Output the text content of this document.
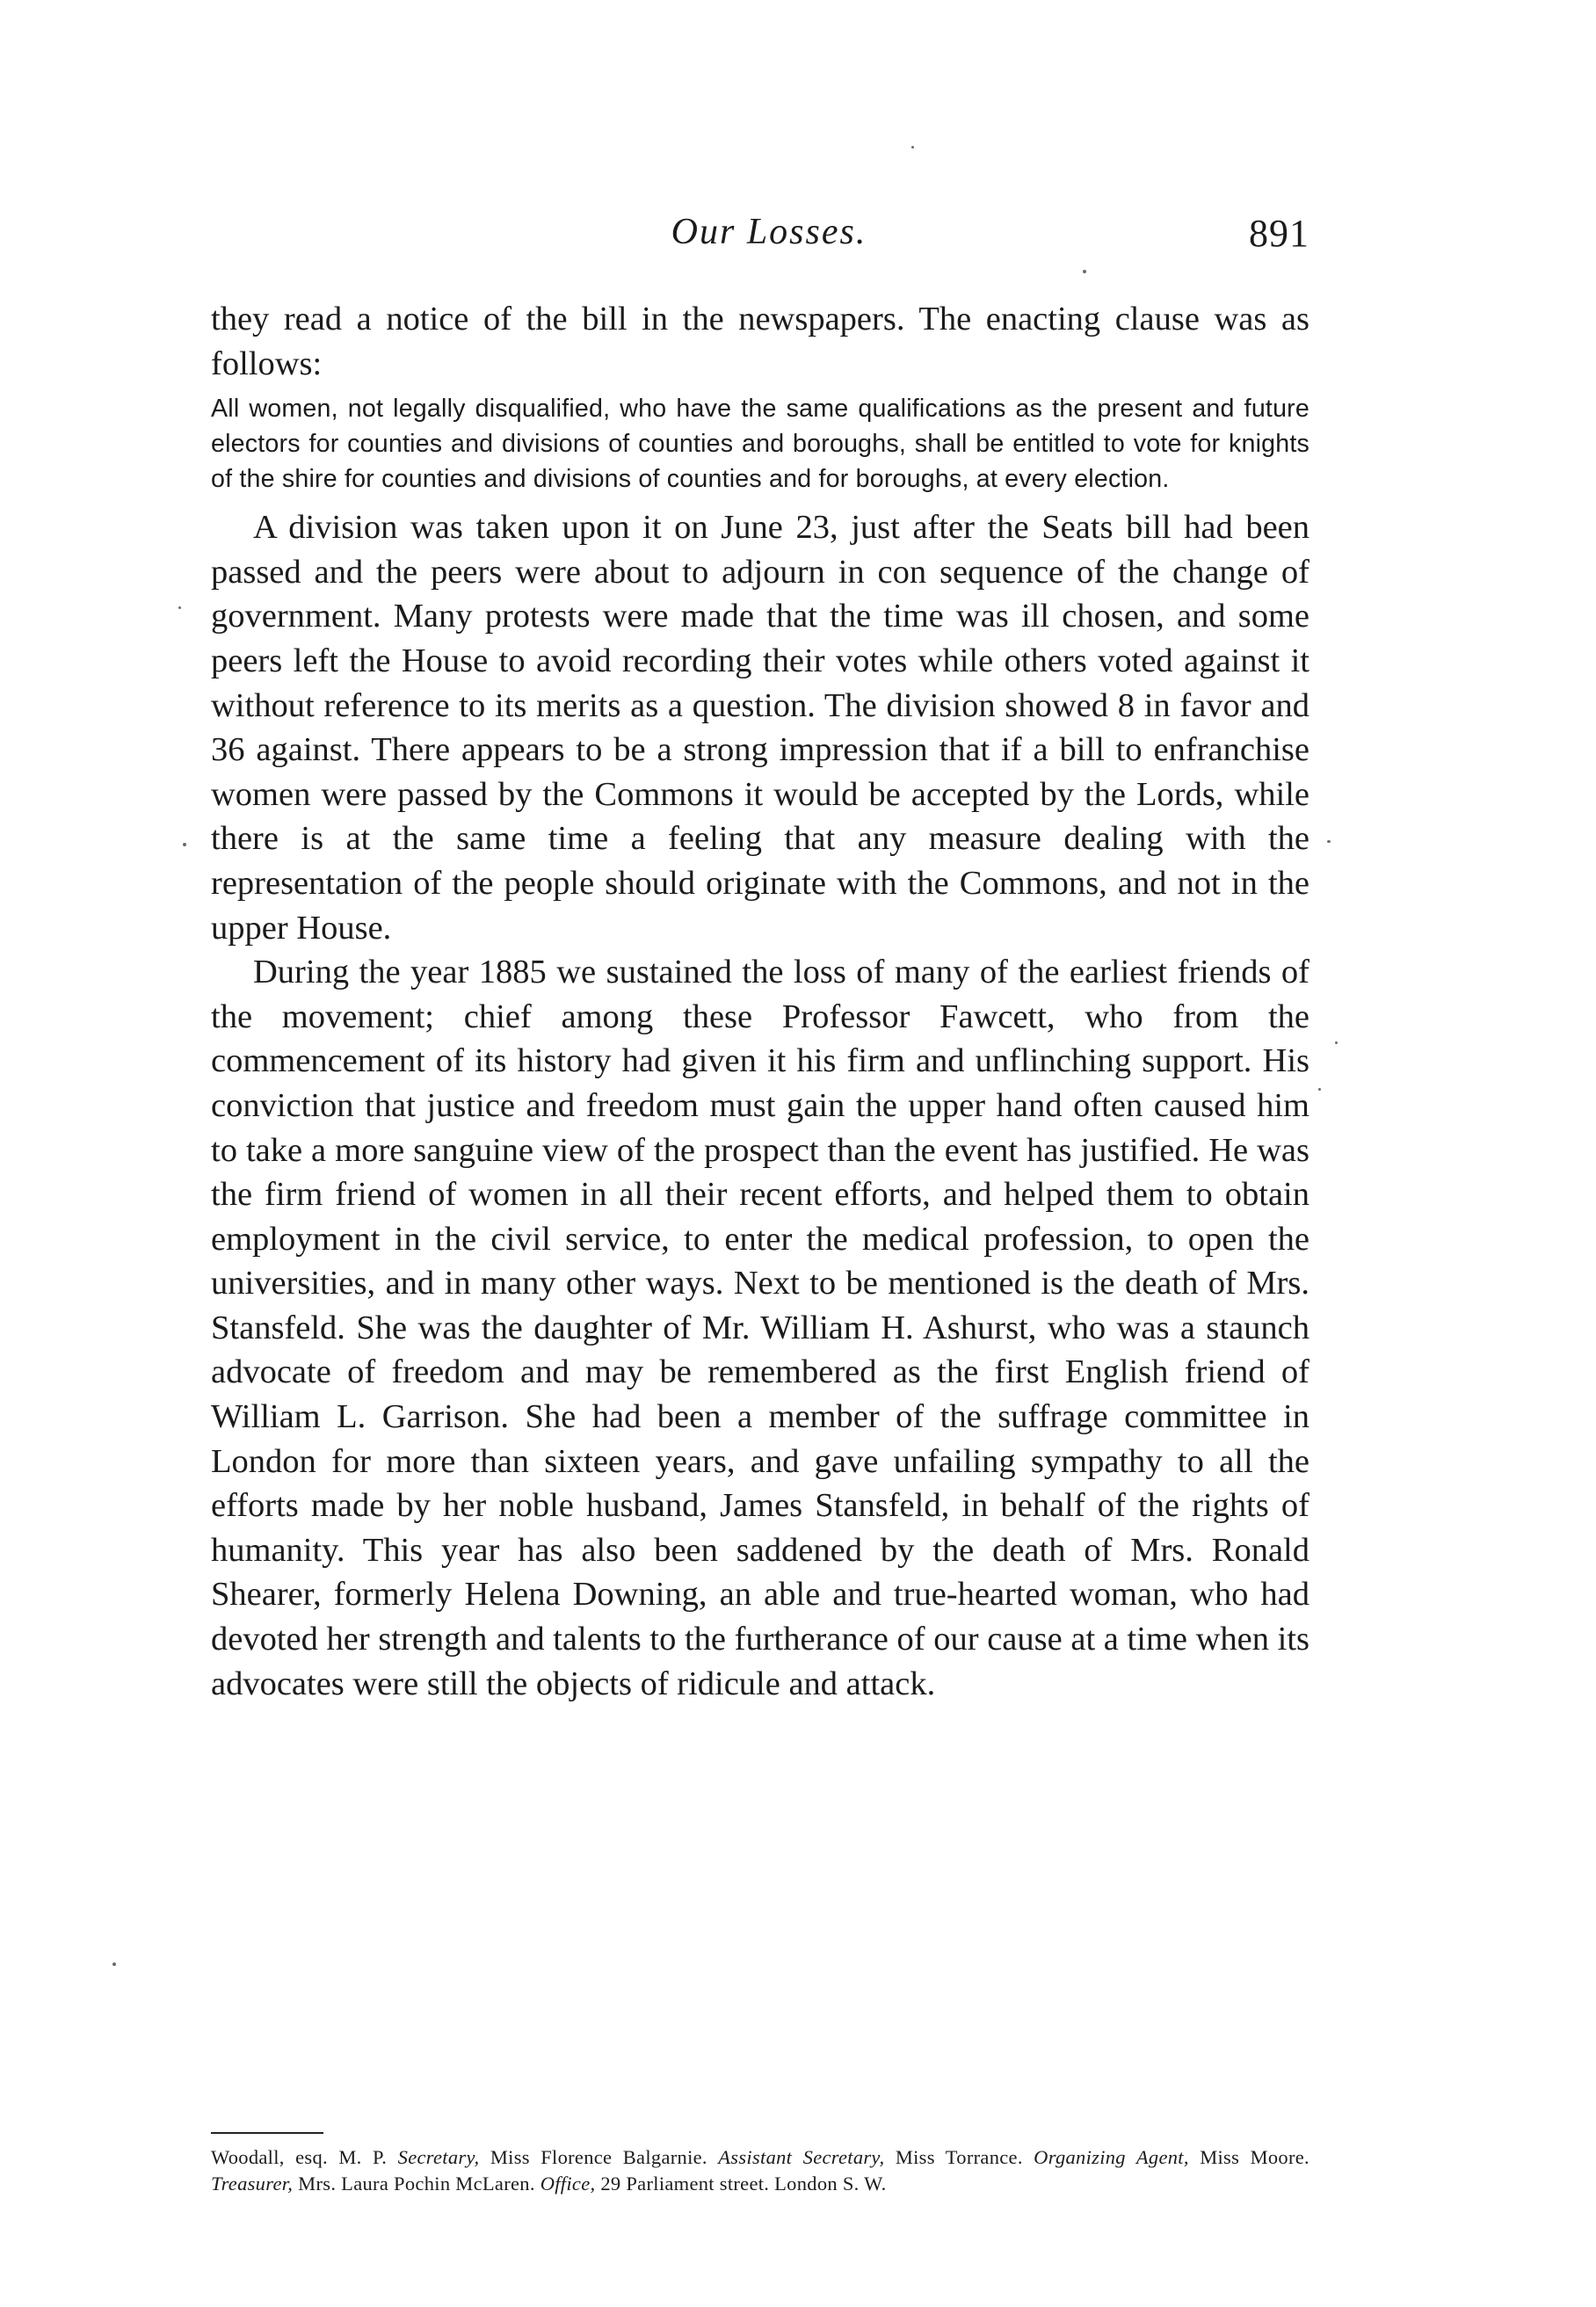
Our Losses.	891

they read a notice of the bill in the newspapers. The enacting clause was as follows:

All women, not legally disqualified, who have the same qualifications as the present and future electors for counties and divisions of counties and boroughs, shall be entitled to vote for knights of the shire for counties and divisions of counties and for boroughs, at every election.

A division was taken upon it on June 23, just after the Seats bill had been passed and the peers were about to adjourn in con sequence of the change of government. Many protests were made that the time was ill chosen, and some peers left the House to avoid recording their votes while others voted against it without reference to its merits as a question. The division showed 8 in favor and 36 against. There appears to be a strong impression that if a bill to enfranchise women were passed by the Commons it would be accepted by the Lords, while there is at the same time a feeling that any measure dealing with the representation of the people should originate with the Commons, and not in the upper House.

During the year 1885 we sustained the loss of many of the earliest friends of the movement; chief among these Professor Fawcett, who from the commencement of its history had given it his firm and unflinching support. His conviction that justice and freedom must gain the upper hand often caused him to take a more sanguine view of the prospect than the event has justified. He was the firm friend of women in all their recent efforts, and helped them to obtain employment in the civil service, to enter the medical profession, to open the universities, and in many other ways. Next to be mentioned is the death of Mrs. Stansfeld. She was the daughter of Mr. William H. Ashurst, who was a staunch advocate of freedom and may be remembered as the first English friend of William L. Garrison. She had been a member of the suffrage committee in London for more than sixteen years, and gave unfailing sympathy to all the efforts made by her noble husband, James Stansfeld, in behalf of the rights of humanity. This year has also been saddened by the death of Mrs. Ronald Shearer, formerly Helena Downing, an able and true-hearted woman, who had devoted her strength and talents to the furtherance of our cause at a time when its advocates were still the objects of ridicule and attack.

Woodall, esq. M. P. Secretary, Miss Florence Balgarnie. Assistant Secretary, Miss Torrance. Organizing Agent, Miss Moore. Treasurer, Mrs. Laura Pochin McLaren. Office, 29 Parliament street. London S. W.
